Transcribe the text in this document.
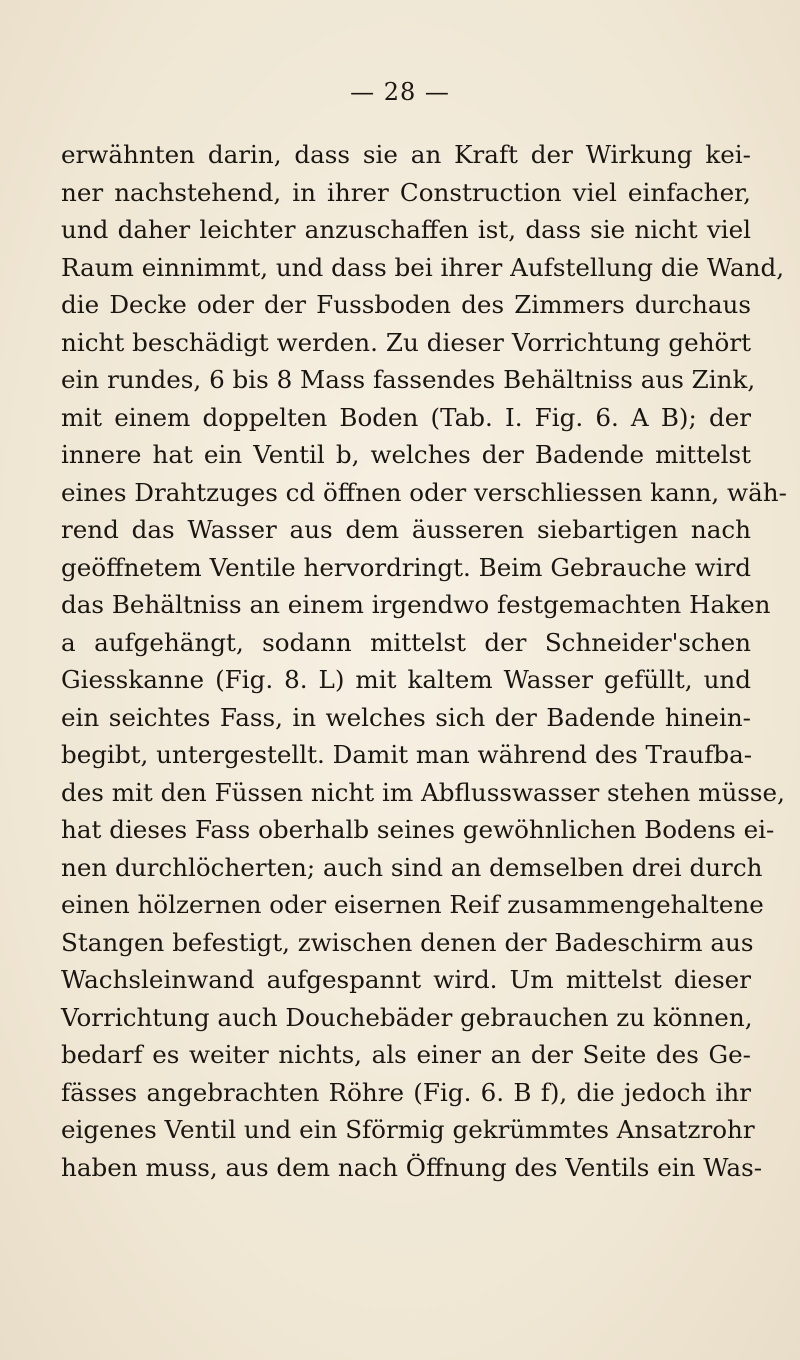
— 28 —
erwähnten darin, dass sie an Kraft der Wirkung kei-
ner nachstehend, in ihrer Construction viel einfacher,
und daher leichter anzuschaffen ist, dass sie nicht viel
Raum einnimmt, und dass bei ihrer Aufstellung die Wand,
die Decke oder der Fussboden des Zimmers durchaus
nicht beschädigt werden. Zu dieser Vorrichtung gehört
ein rundes, 6 bis 8 Mass fassendes Behältniss aus Zink,
mit einem doppelten Boden (Tab. I. Fig. 6. A B); der
innere hat ein Ventil b, welches der Badende mittelst
eines Drahtzuges cd öffnen oder verschliessen kann, wäh-
rend das Wasser aus dem äusseren siebartigen nach
geöffnetem Ventile hervordringt. Beim Gebrauche wird
das Behältniss an einem irgendwo festgemachten Haken
a aufgehängt, sodann mittelst der Schneider'schen
Giesskanne (Fig. 8. L) mit kaltem Wasser gefüllt, und
ein seichtes Fass, in welches sich der Badende hinein-
begibt, untergestellt. Damit man während des Traufba-
des mit den Füssen nicht im Abflusswasser stehen müsse,
hat dieses Fass oberhalb seines gewöhnlichen Bodens ei-
nen durchlöcherten; auch sind an demselben drei durch
einen hölzernen oder eisernen Reif zusammengehaltene
Stangen befestigt, zwischen denen der Badeschirm aus
Wachsleinwand aufgespannt wird. Um mittelst dieser
Vorrichtung auch Douchebäder gebrauchen zu können,
bedarf es weiter nichts, als einer an der Seite des Ge-
fässes angebrachten Röhre (Fig. 6. B f), die jedoch ihr
eigenes Ventil und ein Sförmig gekrümmtes Ansatzrohr
haben muss, aus dem nach Öffnung des Ventils ein Was-
